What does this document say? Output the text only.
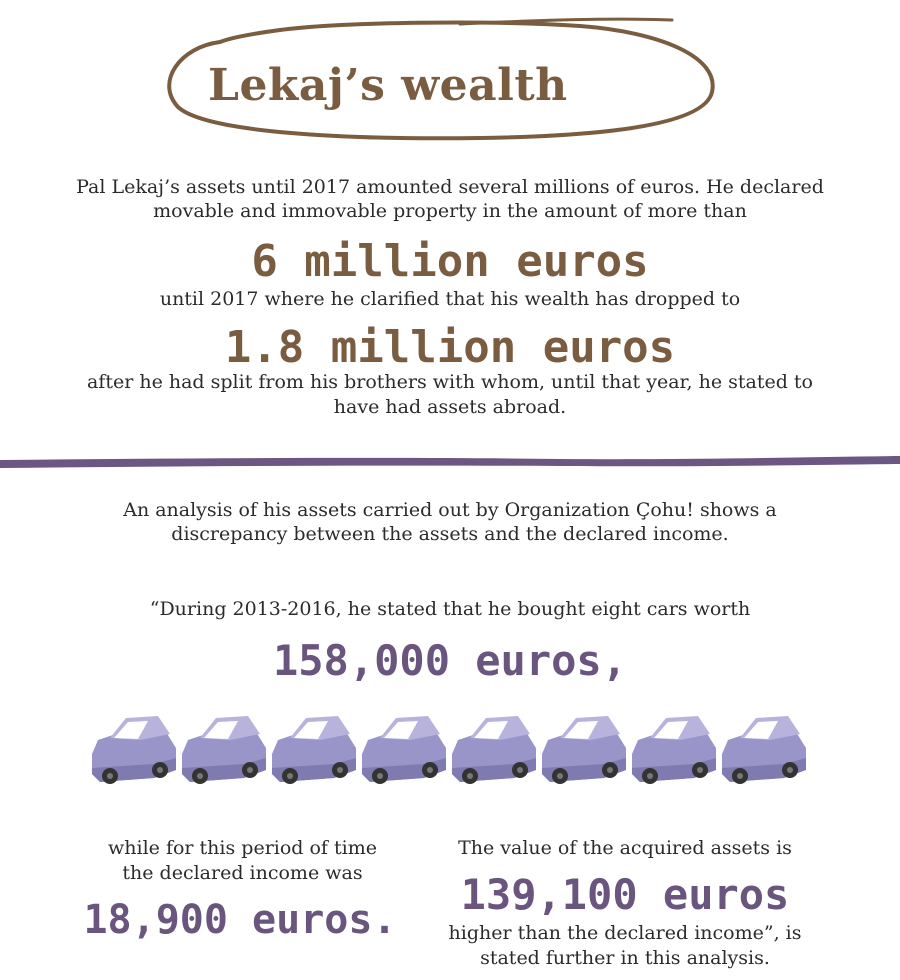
Lekaj’s wealth
Pal Lekaj’s assets until 2017 amounted several millions of euros. He declared
movable and immovable property in the amount of more than
6 million euros
until 2017 where he clarified that his wealth has dropped to
1.8 million euros
after he had split from his brothers with whom, until that year, he stated to
have had assets abroad.
An analysis of his assets carried out by Organization Çohu! shows a
discrepancy between the assets and the declared income.
“During 2013-2016, he stated that he bought eight cars worth
158,000 euros,
while for this period of time
the declared income was
18,900 euros.
The value of the acquired assets is
139,100 euros
higher than the declared income”, is
stated further in this analysis.
